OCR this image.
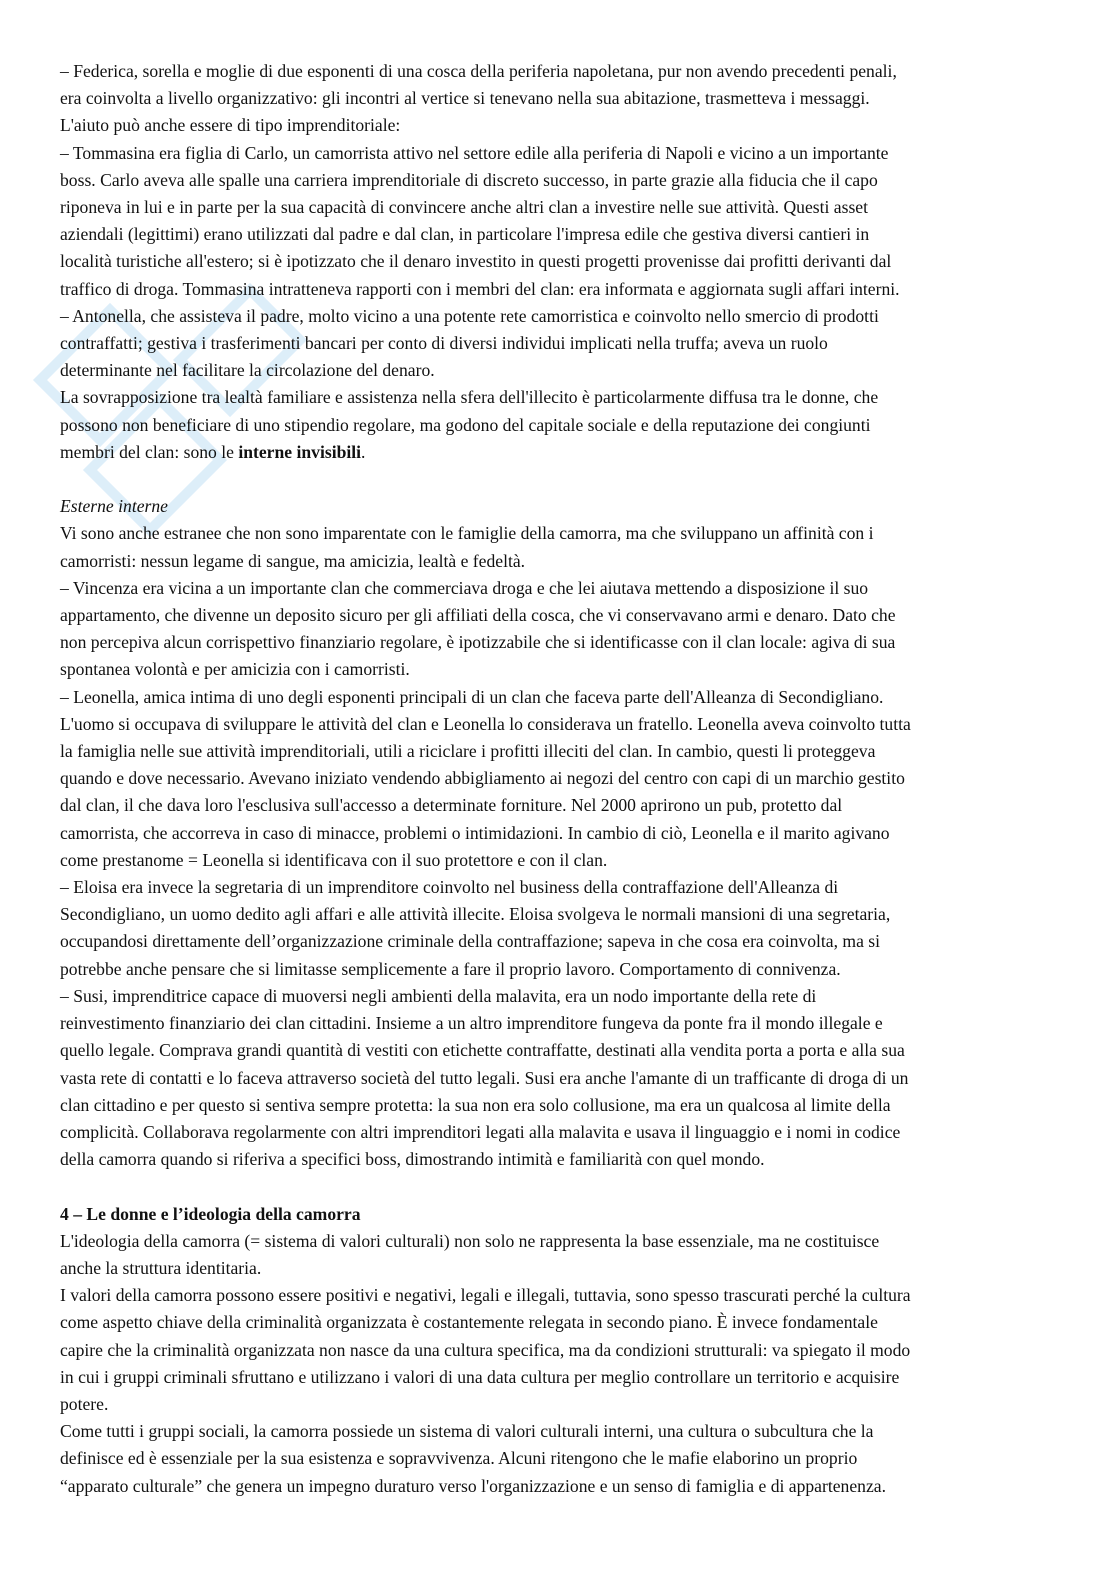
– Federica, sorella e moglie di due esponenti di una cosca della periferia napoletana, pur non avendo precedenti penali,
era coinvolta a livello organizzativo: gli incontri al vertice si tenevano nella sua abitazione, trasmetteva i messaggi.
L'aiuto può anche essere di tipo imprenditoriale:
– Tommasina era figlia di Carlo, un camorrista attivo nel settore edile alla periferia di Napoli e vicino a un importante
boss. Carlo aveva alle spalle una carriera imprenditoriale di discreto successo, in parte grazie alla fiducia che il capo
riponeva in lui e in parte per la sua capacità di convincere anche altri clan a investire nelle sue attività. Questi asset
aziendali (legittimi) erano utilizzati dal padre e dal clan, in particolare l'impresa edile che gestiva diversi cantieri in
località turistiche all'estero; si è ipotizzato che il denaro investito in questi progetti provenisse dai profitti derivanti dal
traffico di droga. Tommasina intratteneva rapporti con i membri del clan: era informata e aggiornata sugli affari interni.
– Antonella, che assisteva il padre, molto vicino a una potente rete camorristica e coinvolto nello smercio di prodotti
contraffatti; gestiva i trasferimenti bancari per conto di diversi individui implicati nella truffa; aveva un ruolo
determinante nel facilitare la circolazione del denaro.
La sovrapposizione tra lealtà familiare e assistenza nella sfera dell'illecito è particolarmente diffusa tra le donne, che
possono non beneficiare di uno stipendio regolare, ma godono del capitale sociale e della reputazione dei congiunti
membri del clan: sono le interne invisibili.
Esterne interne
Vi sono anche estranee che non sono imparentate con le famiglie della camorra, ma che sviluppano un affinità con i
camorristi: nessun legame di sangue, ma amicizia, lealtà e fedeltà.
– Vincenza era vicina a un importante clan che commerciava droga e che lei aiutava mettendo a disposizione il suo
appartamento, che divenne un deposito sicuro per gli affiliati della cosca, che vi conservavano armi e denaro. Dato che
non percepiva alcun corrispettivo finanziario regolare, è ipotizzabile che si identificasse con il clan locale: agiva di sua
spontanea volontà e per amicizia con i camorristi.
– Leonella, amica intima di uno degli esponenti principali di un clan che faceva parte dell'Alleanza di Secondigliano.
L'uomo si occupava di sviluppare le attività del clan e Leonella lo considerava un fratello. Leonella aveva coinvolto tutta
la famiglia nelle sue attività imprenditoriali, utili a riciclare i profitti illeciti del clan. In cambio, questi li proteggeva
quando e dove necessario. Avevano iniziato vendendo abbigliamento ai negozi del centro con capi di un marchio gestito
dal clan, il che dava loro l'esclusiva sull'accesso a determinate forniture. Nel 2000 aprirono un pub, protetto dal
camorrista, che accorreva in caso di minacce, problemi o intimidazioni. In cambio di ciò, Leonella e il marito agivano
come prestanome = Leonella si identificava con il suo protettore e con il clan.
– Eloisa era invece la segretaria di un imprenditore coinvolto nel business della contraffazione dell'Alleanza di
Secondigliano, un uomo dedito agli affari e alle attività illecite. Eloisa svolgeva le normali mansioni di una segretaria,
occupandosi direttamente dell’organizzazione criminale della contraffazione; sapeva in che cosa era coinvolta, ma si
potrebbe anche pensare che si limitasse semplicemente a fare il proprio lavoro. Comportamento di connivenza.
– Susi, imprenditrice capace di muoversi negli ambienti della malavita, era un nodo importante della rete di
reinvestimento finanziario dei clan cittadini. Insieme a un altro imprenditore fungeva da ponte fra il mondo illegale e
quello legale. Comprava grandi quantità di vestiti con etichette contraffatte, destinati alla vendita porta a porta e alla sua
vasta rete di contatti e lo faceva attraverso società del tutto legali. Susi era anche l'amante di un trafficante di droga di un
clan cittadino e per questo si sentiva sempre protetta: la sua non era solo collusione, ma era un qualcosa al limite della
complicità. Collaborava regolarmente con altri imprenditori legati alla malavita e usava il linguaggio e i nomi in codice
della camorra quando si riferiva a specifici boss, dimostrando intimità e familiarità con quel mondo.
4 – Le donne e l’ideologia della camorra
L'ideologia della camorra (= sistema di valori culturali) non solo ne rappresenta la base essenziale, ma ne costituisce
anche la struttura identitaria.
I valori della camorra possono essere positivi e negativi, legali e illegali, tuttavia, sono spesso trascurati perché la cultura
come aspetto chiave della criminalità organizzata è costantemente relegata in secondo piano. È invece fondamentale
capire che la criminalità organizzata non nasce da una cultura specifica, ma da condizioni strutturali: va spiegato il modo
in cui i gruppi criminali sfruttano e utilizzano i valori di una data cultura per meglio controllare un territorio e acquisire
potere.
Come tutti i gruppi sociali, la camorra possiede un sistema di valori culturali interni, una cultura o subcultura che la
definisce ed è essenziale per la sua esistenza e sopravvivenza. Alcuni ritengono che le mafie elaborino un proprio
“apparato culturale” che genera un impegno duraturo verso l'organizzazione e un senso di famiglia e di appartenenza.
